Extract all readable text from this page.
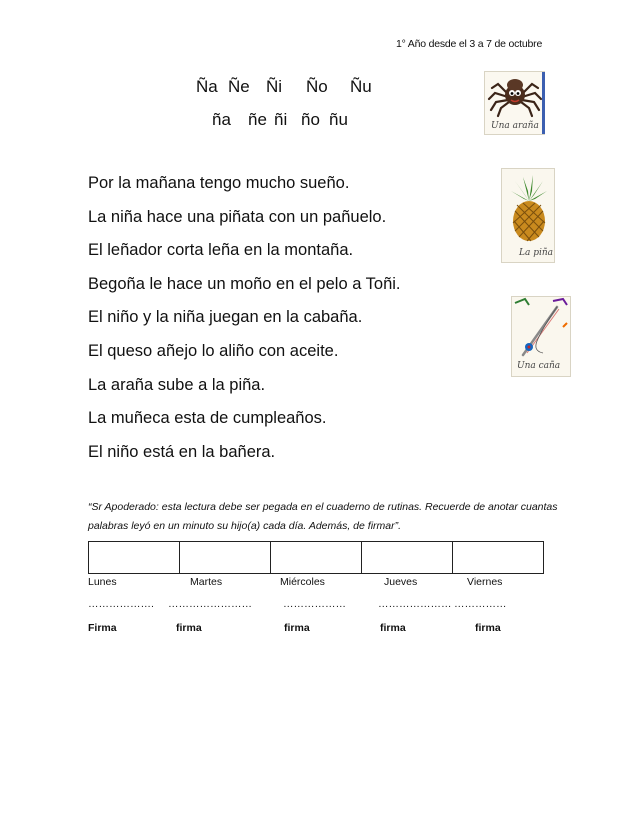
1° Año desde el 3 a 7 de octubre
Ña Ñe Ñi Ño Ñu
ña ñe ñi ño ñu
Por la mañana tengo mucho sueño.
La niña hace una piñata con un pañuelo.
El leñador corta leña en la montaña.
Begoña le hace un moño en el pelo a Toñi.
El niño y la niña juegan en la cabaña.
El queso añejo lo aliño con aceite.
La araña sube a la piña.
La muñeca esta de cumpleaños.
El niño está en la bañera.
Una araña
La piña
Una caña
“Sr Apoderado: esta lectura debe ser pegada en el cuaderno de rutinas. Recuerde de anotar cuantas palabras leyó en un minuto su hijo(a) cada día. Además, de firmar”.
Lunes	Martes	Miércoles	Jueves	Viernes
………………. ……………………	………………	………………… ……………
Firma	firma	firma	firma	firma
